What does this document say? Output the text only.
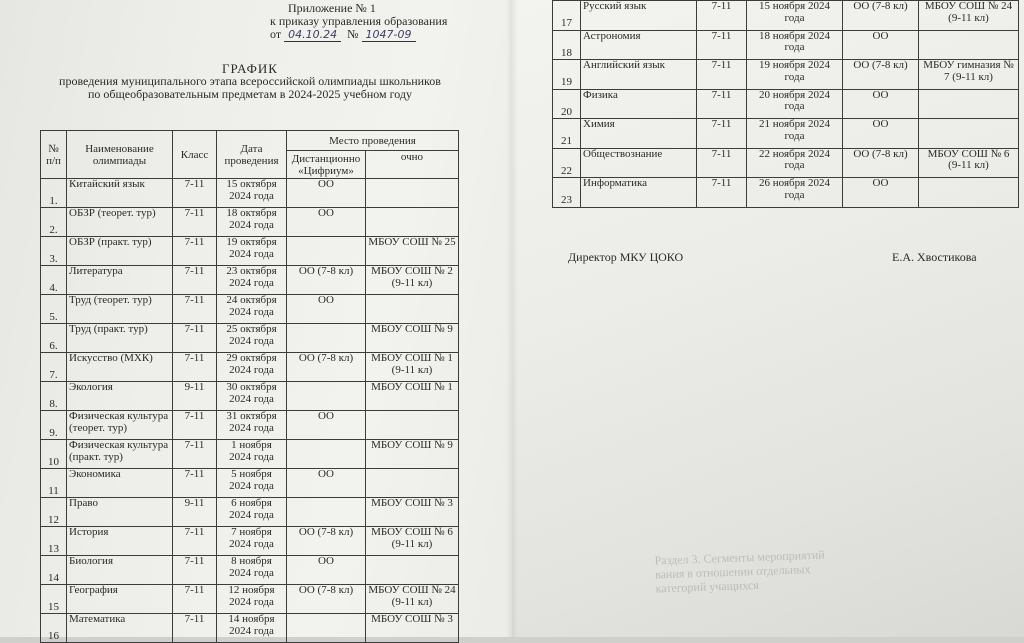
Приложение № 1
к приказу управления образования
от 04.10.24 № 1047-09
ГРАФИК
проведения муниципального этапа всероссийской олимпиады школьников
по общеобразовательным предметам в 2024-2025 учебном году
№ п/п	Наименование олимпиады	Класс	Дата проведения	Место проведения	
				Дистанционно «Цифриум»	очно
1.	Китайский язык	7-11	15 октября 2024 года	ОО	
2.	ОБЗР (теорет. тур)	7-11	18 октября 2024 года	ОО	
3.	ОБЗР (практ. тур)	7-11	19 октября 2024 года		МБОУ СОШ № 25
4.	Литература	7-11	23 октября 2024 года	ОО (7-8 кл)	МБОУ СОШ № 2 (9-11 кл)
5.	Труд (теорет. тур)	7-11	24 октября 2024 года	ОО	
6.	Труд (практ. тур)	7-11	25 октября 2024 года		МБОУ СОШ № 9
7.	Искусство (МХК)	7-11	29 октября 2024 года	ОО (7-8 кл)	МБОУ СОШ № 1 (9-11 кл)
8.	Экология	9-11	30 октября 2024 года		МБОУ СОШ № 1
9.	Физическая культура (теорет. тур)	7-11	31 октября 2024 года	ОО	
10	Физическая культура (практ. тур)	7-11	1 ноября 2024 года		МБОУ СОШ № 9
11	Экономика	7-11	5 ноября 2024 года	ОО	
12	Право	9-11	6 ноября 2024 года		МБОУ СОШ № 3
13	История	7-11	7 ноября 2024 года	ОО (7-8 кл)	МБОУ СОШ № 6 (9-11 кл)
14	Биология	7-11	8 ноября 2024 года	ОО	
15	География	7-11	12 ноября 2024 года	ОО (7-8 кл)	МБОУ СОШ № 24 (9-11 кл)
16	Математика	7-11	14 ноября 2024 года		МБОУ СОШ № 3
17	Русский язык	7-11	15 ноября 2024 года	ОО (7-8 кл)	МБОУ СОШ № 24 (9-11 кл)
18	Астрономия	7-11	18 ноября 2024 года	ОО	
19	Английский язык	7-11	19 ноября 2024 года	ОО (7-8 кл)	МБОУ гимназия № 7 (9-11 кл)
20	Физика	7-11	20 ноября 2024 года	ОО	
21	Химия	7-11	21 ноября 2024 года	ОО	
22	Обществознание	7-11	22 ноября 2024 года	ОО (7-8 кл)	МБОУ СОШ № 6 (9-11 кл)
23	Информатика	7-11	26 ноября 2024 года	ОО	
Директор МКУ ЦОКО	Е.А. Хвостикова
Раздел 3. Сегменты мероприятий
вания в отношении отдельных
категорий учащихся
